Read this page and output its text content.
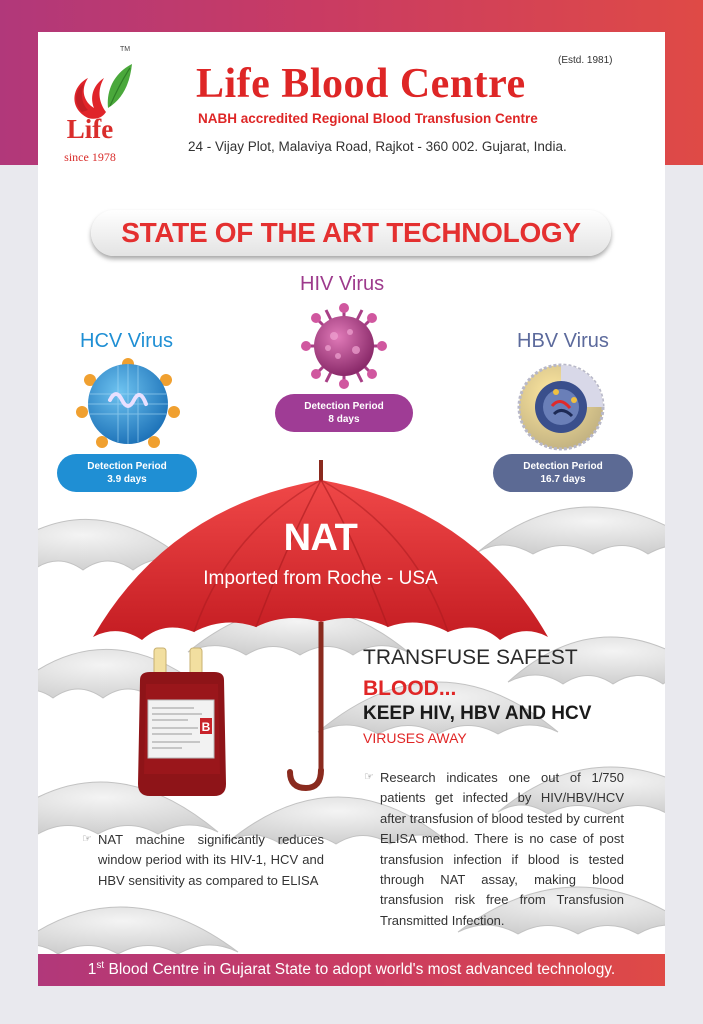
TM
Life
since 1978
(Estd. 1981)
Life Blood Centre
NABH accredited Regional Blood Transfusion Centre
24 - Vijay Plot, Malaviya Road, Rajkot - 360 002. Gujarat, India.
STATE OF THE ART TECHNOLOGY
HIV Virus
Detection Period
8 days
HCV Virus
Detection Period
3.9 days
HBV Virus
Detection Period
16.7 days
NAT
Imported from Roche - USA
B
TRANSFUSE SAFEST
BLOOD...
KEEP HIV, HBV AND HCV
VIRUSES AWAY
☞ Research indicates one out of 1/750 patients get infected by HIV/HBV/HCV after transfusion of blood tested by current ELISA method. There is no case of post transfusion infection if blood is tested through NAT assay, making blood transfusion risk free from Transfusion Transmitted Infection.
☞ NAT machine significantly reduces window period with its HIV-1, HCV and HBV sensitivity as compared to ELISA
1st Blood Centre in Gujarat State to adopt world's most advanced technology.
